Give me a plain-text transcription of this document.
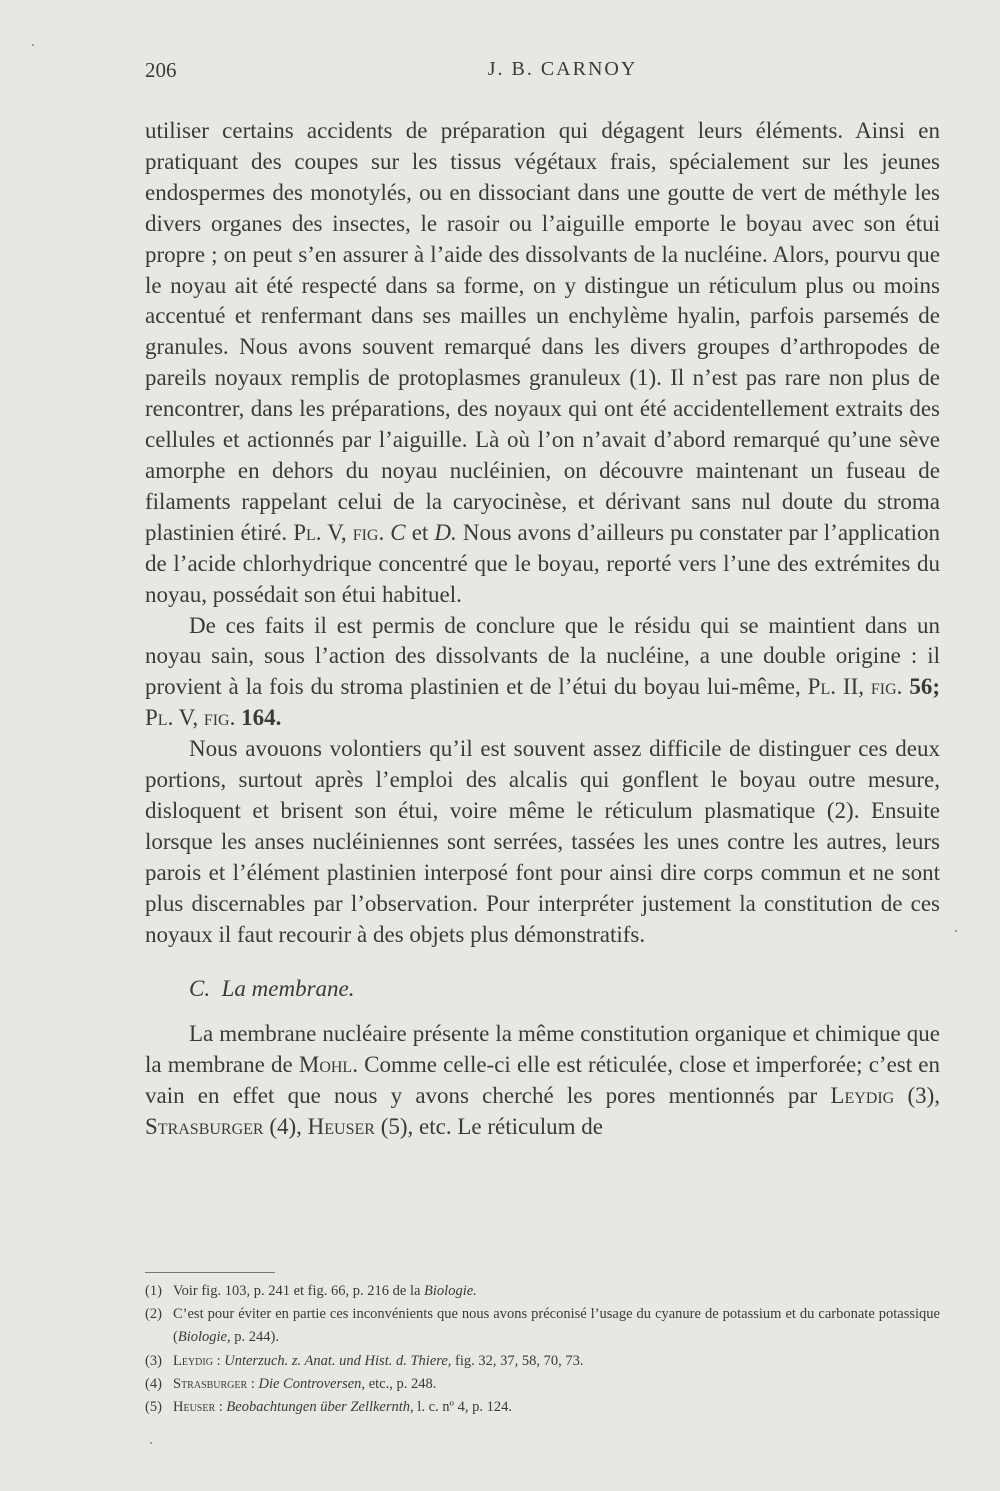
206	J. B. CARNOY

utiliser certains accidents de préparation qui dégagent leurs éléments. Ainsi en pratiquant des coupes sur les tissus végétaux frais, spécialement sur les jeunes endospermes des monotylés, ou en dissociant dans une goutte de vert de méthyle les divers organes des insectes, le rasoir ou l’aiguille emporte le boyau avec son étui propre ; on peut s’en assurer à l’aide des dissolvants de la nucléine. Alors, pourvu que le noyau ait été respecté dans sa forme, on y distingue un réticulum plus ou moins accentué et renfermant dans ses mailles un enchylème hyalin, parfois parsemés de granules. Nous avons souvent remarqué dans les divers groupes d’arthropodes de pareils noyaux remplis de protoplasmes granuleux (1). Il n’est pas rare non plus de rencontrer, dans les préparations, des noyaux qui ont été accidentellement extraits des cellules et actionnés par l’aiguille. Là où l’on n’avait d’abord remarqué qu’une sève amorphe en dehors du noyau nucléinien, on découvre maintenant un fuseau de filaments rappelant celui de la caryocinèse, et dérivant sans nul doute du stroma plastinien étiré. Pl. V, fig. C et D. Nous avons d’ailleurs pu constater par l’application de l’acide chlorhydrique concentré que le boyau, reporté vers l’une des extrémites du noyau, possédait son étui habituel.

De ces faits il est permis de conclure que le résidu qui se maintient dans un noyau sain, sous l’action des dissolvants de la nucléine, a une double origine : il provient à la fois du stroma plastinien et de l’étui du boyau lui-même, Pl. II, fig. 56; Pl. V, fig. 164.

Nous avouons volontiers qu’il est souvent assez difficile de distinguer ces deux portions, surtout après l’emploi des alcalis qui gonflent le boyau outre mesure, disloquent et brisent son étui, voire même le réticulum plasmatique (2). Ensuite lorsque les anses nucléiniennes sont serrées, tassées les unes contre les autres, leurs parois et l’élément plastinien interposé font pour ainsi dire corps commun et ne sont plus discernables par l’observation. Pour interpréter justement la constitution de ces noyaux il faut recourir à des objets plus démonstratifs.

C. La membrane.

La membrane nucléaire présente la même constitution organique et chimique que la membrane de Mohl. Comme celle-ci elle est réticulée, close et imperforée; c’est en vain en effet que nous y avons cherché les pores mentionnés par Leydig (3), Strasburger (4), Heuser (5), etc. Le réticulum de

(1) Voir fig. 103, p. 241 et fig. 66, p. 216 de la Biologie.

(2) C’est pour éviter en partie ces inconvénients que nous avons préconisé l’usage du cyanure de potassium et du carbonate potassique (Biologie, p. 244).

(3) Leydig : Unterzuch. z. Anat. und Hist. d. Thiere, fig. 32, 37, 58, 70, 73.

(4) Strasburger : Die Controversen, etc., p. 248.

(5) Heuser : Beobachtungen über Zellkernth, l. c. nº 4, p. 124.
